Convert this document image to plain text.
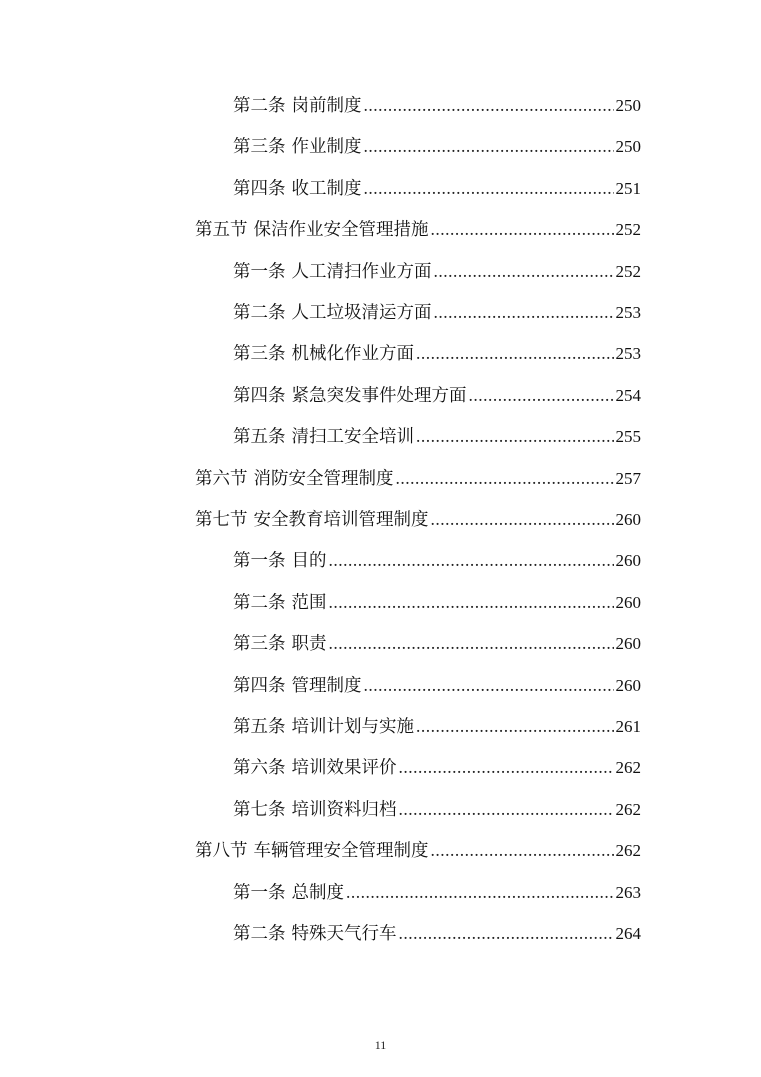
第二条 岗前制度 .....	250
第三条 作业制度 .....	250
第四条 收工制度 .....	251
第五节 保洁作业安全管理措施 .....	252
第一条 人工清扫作业方面 .....	252
第二条 人工垃圾清运方面 .....	253
第三条 机械化作业方面 .....	253
第四条 紧急突发事件处理方面 .....	254
第五条 清扫工安全培训 .....	255
第六节 消防安全管理制度 .....	257
第七节 安全教育培训管理制度 .....	260
第一条 目的 .....	260
第二条 范围 .....	260
第三条 职责 .....	260
第四条 管理制度 .....	260
第五条 培训计划与实施 .....	261
第六条 培训效果评价 .....	262
第七条 培训资料归档 .....	262
第八节 车辆管理安全管理制度 .....	262
第一条 总制度 .....	263
第二条 特殊天气行车 .....	264
11
